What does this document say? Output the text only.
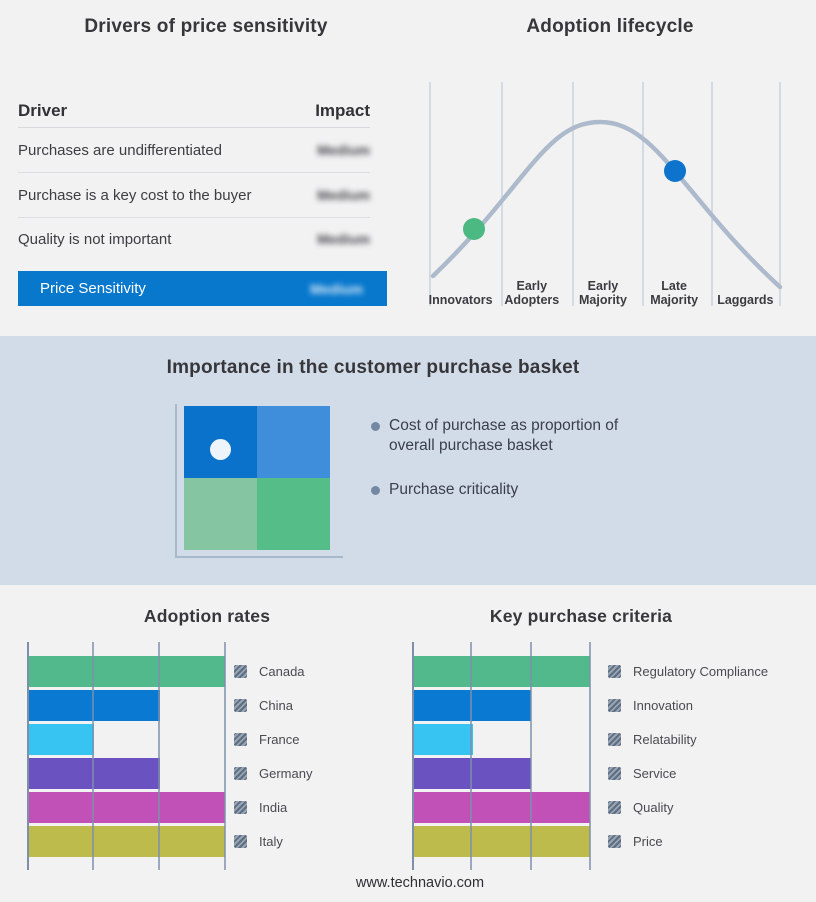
Drivers of price sensitivity
Driver	Impact
Purchases are undifferentiated	Medium
Purchase is a key cost to the buyer	Medium
Quality is not important	Medium
Price Sensitivity	Medium
Adoption lifecycle
Innovators
Early Adopters
Early Majority
Late Majority	Laggards
Importance in the customer purchase basket
Cost of purchase as proportion of overall purchase basket
Purchase criticality
Adoption rates
Canada
China
France
Germany
India
Italy
Key purchase criteria
Regulatory Compliance
Innovation
Relatability
Service
Quality
Price
www.technavio.com
